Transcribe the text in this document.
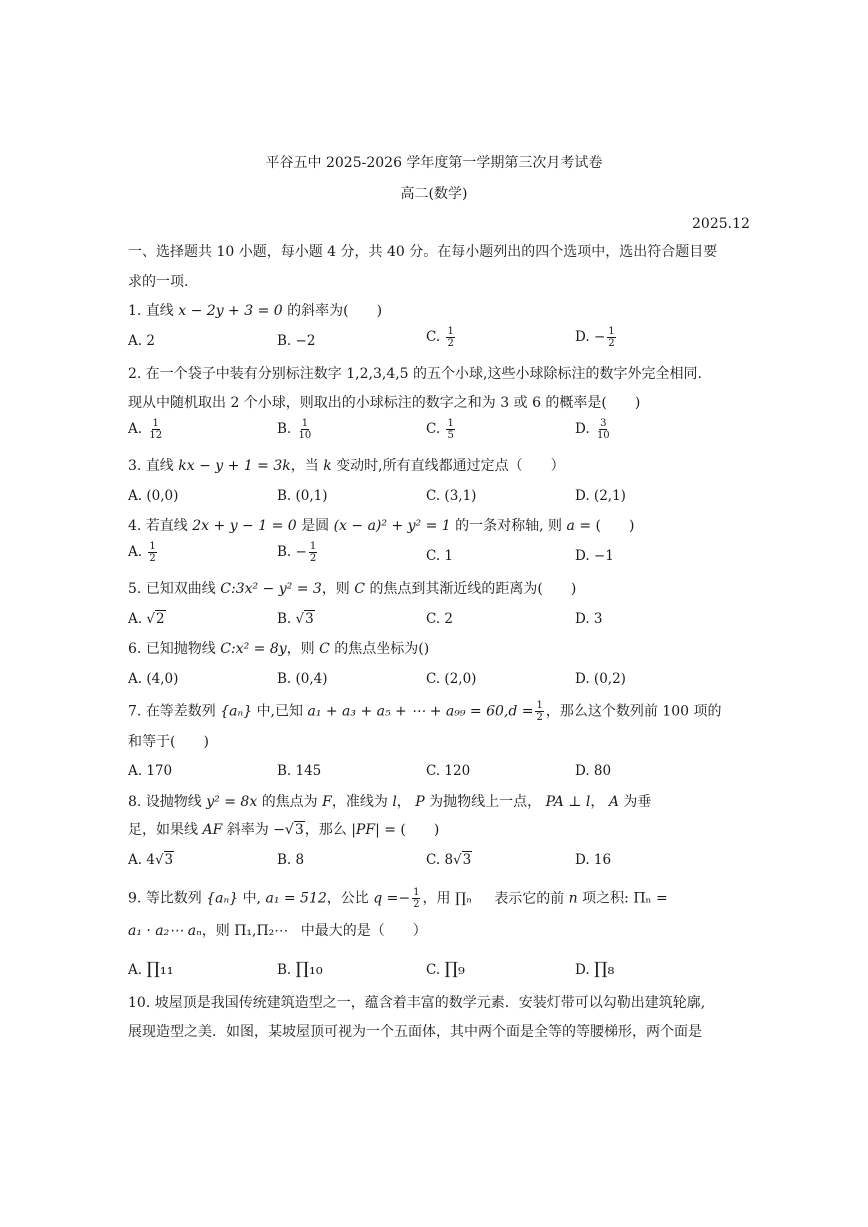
平谷五中 2025-2026 学年度第一学期第三次月考试卷
高二(数学)
2025.12
一、选择题共 10 小题，每小题 4 分，共 40 分。在每小题列出的四个选项中，选出符合题目要
求的一项.
1. 直线 x − 2y + 3 = 0 的斜率为(　　)
A. 2	B. −2	C. $\frac{1}{2}$	D. − $\frac{1}{2}$
2. 在一个袋子中装有分别标注数字 1,2,3,4,5 的五个小球,这些小球除标注的数字外完全相同.
现从中随机取出 2 个小球，则取出的小球标注的数字之和为 3 或 6 的概率是(　　)
A. $\frac{1}{12}$	B. $\frac{1}{10}$	C. $\frac{1}{5}$	D. $\frac{3}{10}$
3. 直线 kx − y + 1 = 3k，当 k 变动时,所有直线都通过定点（　　）
A. (0,0)	B. (0,1)	C. (3,1)	D. (2,1)
4. 若直线 2x + y − 1 = 0 是圆 (x − a)² + y² = 1 的一条对称轴, 则 a = (　　)
A. $\frac{1}{2}$	B. − $\frac{1}{2}$	C. 1	D. −1
5. 已知双曲线 C:3x² − y² = 3，则 C 的焦点到其渐近线的距离为(　　)
A. √2	B. √3	C. 2	D. 3
6. 已知抛物线 C:x² = 8y，则 C 的焦点坐标为()
A. (4,0)	B. (0,4)	C. (2,0)	D. (0,2)
7. 在等差数列 {aₙ} 中,已知 a₁ + a₃ + a₅ + ⋯ + $a_{99} = 60,d = \frac{1}{2}$ ，那么这个数列前 100 项的
和等于(　　)
A. 170	B. 145	C. 120	D. 80
8. 设抛物线 y² = 8x 的焦点为 F，准线为 l， P 为抛物线上一点， PA ⊥ l， A 为垂
足，如果线 AF 斜率为 −√3，那么 |PF| = (　　)
A. 4√3	B. 8	C. 8√3	D. 16
9. 等比数列 {aₙ} 中, a₁ = 512，公比 $q =- \frac{1}{2}$ ，用 ∏ₙ 表示它的前 n 项之积: Πₙ =
a₁ · a₂⋯ aₙ，则 Π₁,Π₂⋯ 中最大的是（　　）
A. ∏₁₁	B. ∏₁₀	C. ∏₉	D. ∏₈
10. 坡屋顶是我国传统建筑造型之一，蕴含着丰富的数学元素．安装灯带可以勾勒出建筑轮廓,
展现造型之美．如图，某坡屋顶可视为一个五面体，其中两个面是全等的等腰梯形，两个面是
